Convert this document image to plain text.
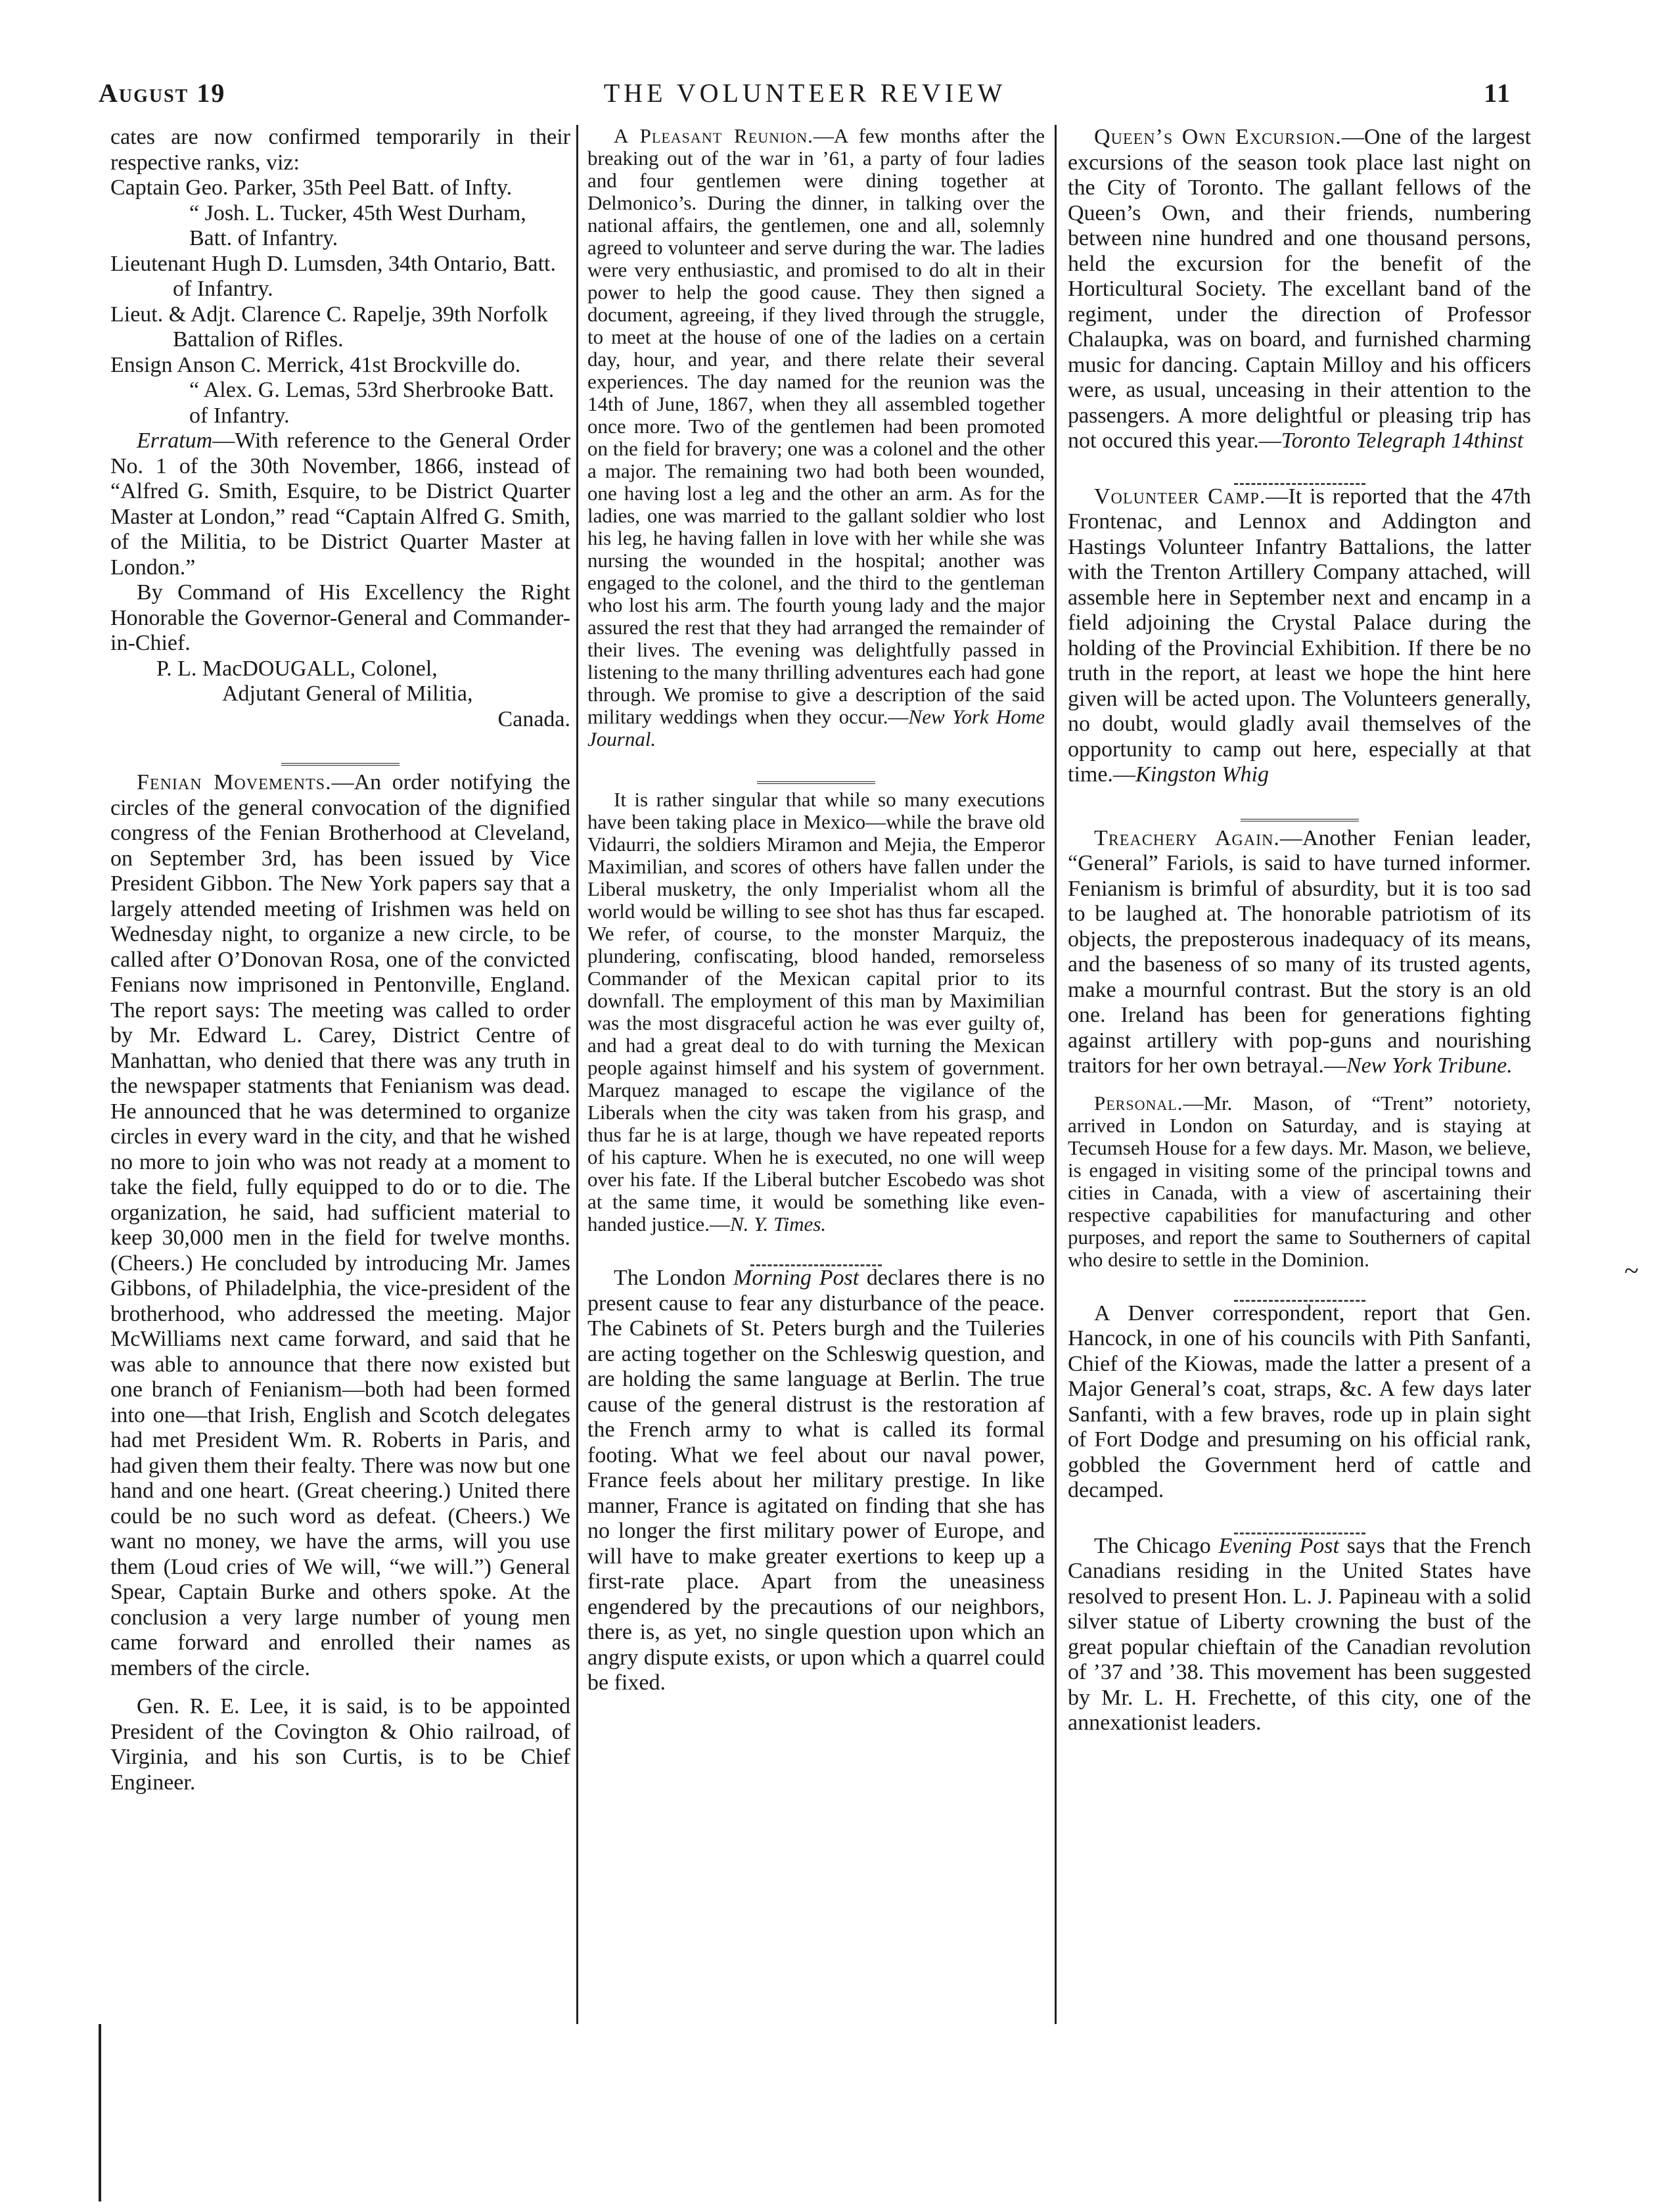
August 19	THE VOLUNTEER REVIEW	11

cates are now confirmed temporarily in their respective ranks, viz:

Captain Geo. Parker, 35th Peel Batt. of Infty.

“ Josh. L. Tucker, 45th West Durham, Batt. of Infantry.

Lieutenant Hugh D. Lumsden, 34th Ontario, Batt. of Infantry.

Lieut. & Adjt. Clarence C. Rapelje, 39th Norfolk Battalion of Rifles.

Ensign Anson C. Merrick, 41st Brockville do.

“ Alex. G. Lemas, 53rd Sherbrooke Batt. of Infantry.

Erratum—With reference to the General Order No. 1 of the 30th November, 1866, instead of “Alfred G. Smith, Esquire, to be District Quarter Master at London,” read “Captain Alfred G. Smith, of the Militia, to be District Quarter Master at London.”

By Command of His Excellency the Right Honorable the Governor-General and Commander-in-Chief.

P. L. MacDOUGALL, Colonel,

Adjutant General of Militia,

Canada.

Fenian Movements.—An order notifying the circles of the general convocation of the dignified congress of the Fenian Brotherhood at Cleveland, on September 3rd, has been issued by Vice President Gibbon. The New York papers say that a largely attended meeting of Irishmen was held on Wednesday night, to organize a new circle, to be called after O’Donovan Rosa, one of the convicted Fenians now imprisoned in Pentonville, England. The report says: The meeting was called to order by Mr. Edward L. Carey, District Centre of Manhattan, who denied that there was any truth in the newspaper statments that Fenianism was dead. He announced that he was determined to organize circles in every ward in the city, and that he wished no more to join who was not ready at a moment to take the field, fully equipped to do or to die. The organization, he said, had sufficient material to keep 30,000 men in the field for twelve months. (Cheers.) He concluded by introducing Mr. James Gibbons, of Philadelphia, the vice-president of the brotherhood, who addressed the meeting. Major McWilliams next came forward, and said that he was able to announce that there now existed but one branch of Fenianism—both had been formed into one—that Irish, English and Scotch delegates had met President Wm. R. Roberts in Paris, and had given them their fealty. There was now but one hand and one heart. (Great cheering.) United there could be no such word as defeat. (Cheers.) We want no money, we have the arms, will you use them (Loud cries of We will, “we will.”) General Spear, Captain Burke and others spoke. At the conclusion a very large number of young men came forward and enrolled their names as members of the circle.

Gen. R. E. Lee, it is said, is to be appointed President of the Covington & Ohio railroad, of Virginia, and his son Curtis, is to be Chief Engineer.

A Pleasant Reunion.—A few months after the breaking out of the war in ’61, a party of four ladies and four gentlemen were dining together at Delmonico’s. During the dinner, in talking over the national affairs, the gentlemen, one and all, solemnly agreed to volunteer and serve during the war. The ladies were very enthusiastic, and promised to do alt in their power to help the good cause. They then signed a document, agreeing, if they lived through the struggle, to meet at the house of one of the ladies on a certain day, hour, and year, and there relate their several experiences. The day named for the reunion was the 14th of June, 1867, when they all assembled together once more. Two of the gentlemen had been promoted on the field for bravery; one was a colonel and the other a major. The remaining two had both been wounded, one having lost a leg and the other an arm. As for the ladies, one was married to the gallant soldier who lost his leg, he having fallen in love with her while she was nursing the wounded in the hospital; another was engaged to the colonel, and the third to the gentleman who lost his arm. The fourth young lady and the major assured the rest that they had arranged the remainder of their lives. The evening was delightfully passed in listening to the many thrilling adventures each had gone through. We promise to give a description of the said military weddings when they occur.—New York Home Journal.

It is rather singular that while so many executions have been taking place in Mexico—while the brave old Vidaurri, the soldiers Miramon and Mejia, the Emperor Maximilian, and scores of others have fallen under the Liberal musketry, the only Imperialist whom all the world would be willing to see shot has thus far escaped. We refer, of course, to the monster Marquiz, the plundering, confiscating, blood handed, remorseless Commander of the Mexican capital prior to its downfall. The employment of this man by Maximilian was the most disgraceful action he was ever guilty of, and had a great deal to do with turning the Mexican people against himself and his system of government. Marquez managed to escape the vigilance of the Liberals when the city was taken from his grasp, and thus far he is at large, though we have repeated reports of his capture. When he is executed, no one will weep over his fate. If the Liberal butcher Escobedo was shot at the same time, it would be something like even-handed justice.—N. Y. Times.

The London Morning Post declares there is no present cause to fear any disturbance of the peace. The Cabinets of St. Peters burgh and the Tuileries are acting together on the Schleswig question, and are holding the same language at Berlin. The true cause of the general distrust is the restoration af the French army to what is called its formal footing. What we feel about our naval power, France feels about her military prestige. In like manner, France is agitated on finding that she has no longer the first military power of Europe, and will have to make greater exertions to keep up a first-rate place. Apart from the uneasiness engendered by the precautions of our neighbors, there is, as yet, no single question upon which an angry dispute exists, or upon which a quarrel could be fixed.

Queen’s Own Excursion.—One of the largest excursions of the season took place last night on the City of Toronto. The gallant fellows of the Queen’s Own, and their friends, numbering between nine hundred and one thousand persons, held the excursion for the benefit of the Horticultural Society. The excellant band of the regiment, under the direction of Professor Chalaupka, was on board, and furnished charming music for dancing. Captain Milloy and his officers were, as usual, unceasing in their attention to the passengers. A more delightful or pleasing trip has not occured this year.—Toronto Telegraph 14thinst

Volunteer Camp.—It is reported that the 47th Frontenac, and Lennox and Addington and Hastings Volunteer Infantry Battalions, the latter with the Trenton Artillery Company attached, will assemble here in September next and encamp in a field adjoining the Crystal Palace during the holding of the Provincial Exhibition. If there be no truth in the report, at least we hope the hint here given will be acted upon. The Volunteers generally, no doubt, would gladly avail themselves of the opportunity to camp out here, especially at that time.—Kingston Whig

Treachery Again.—Another Fenian leader, “General” Fariols, is said to have turned informer. Fenianism is brimful of absurdity, but it is too sad to be laughed at. The honorable patriotism of its objects, the preposterous inadequacy of its means, and the baseness of so many of its trusted agents, make a mournful contrast. But the story is an old one. Ireland has been for generations fighting against artillery with pop-guns and nourishing traitors for her own betrayal.—New York Tribune.

Personal.—Mr. Mason, of “Trent” notoriety, arrived in London on Saturday, and is staying at Tecumseh House for a few days. Mr. Mason, we believe, is engaged in visiting some of the principal towns and cities in Canada, with a view of ascertaining their respective capabilities for manufacturing and other purposes, and report the same to Southerners of capital who desire to settle in the Dominion.

A Denver correspondent, report that Gen. Hancock, in one of his councils with Pith Sanfanti, Chief of the Kiowas, made the latter a present of a Major General’s coat, straps, &c. A few days later Sanfanti, with a few braves, rode up in plain sight of Fort Dodge and presuming on his official rank, gobbled the Government herd of cattle and decamped.

The Chicago Evening Post says that the French Canadians residing in the United States have resolved to present Hon. L. J. Papineau with a solid silver statue of Liberty crowning the bust of the great popular chieftain of the Canadian revolution of ’37 and ’38. This movement has been suggested by Mr. L. H. Frechette, of this city, one of the annexationist leaders.

~
